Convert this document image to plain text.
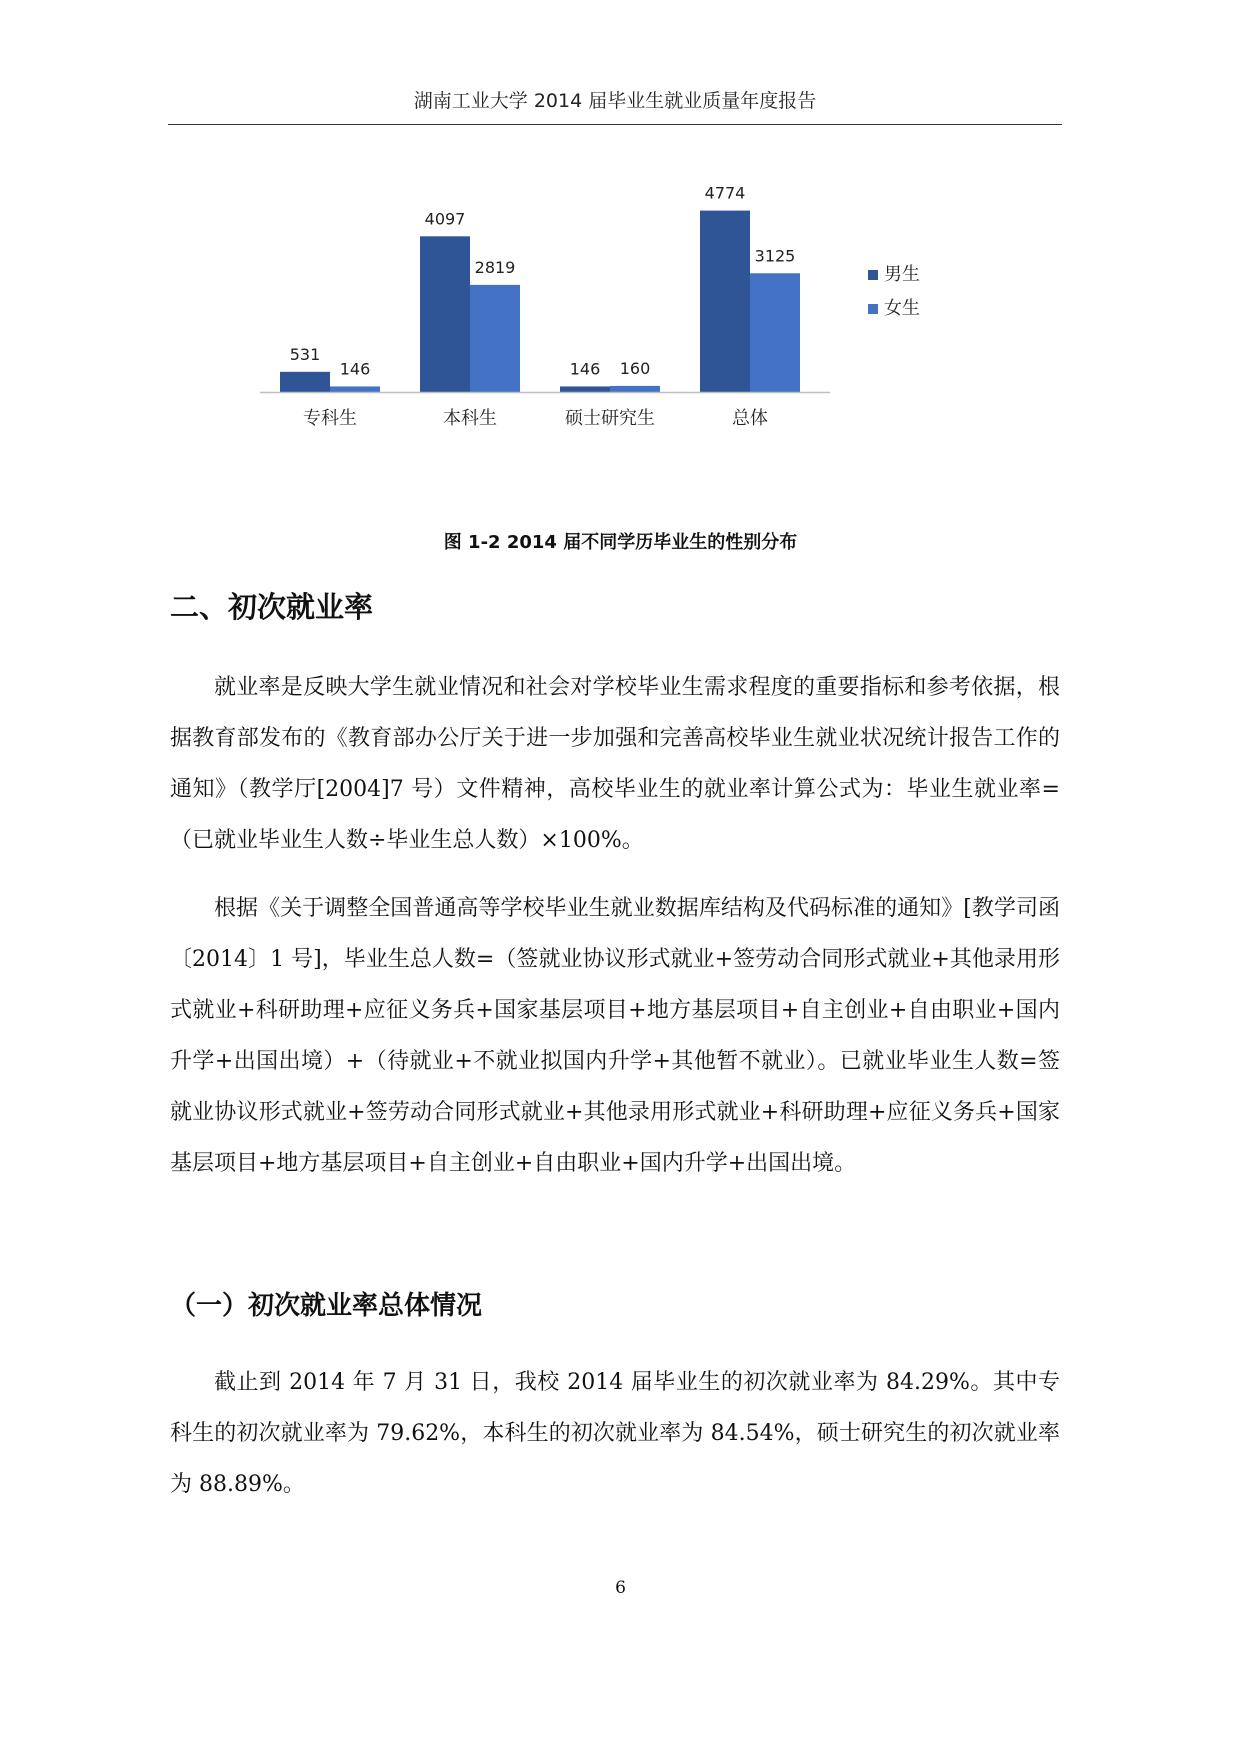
湖南工业大学 2014 届毕业生就业质量年度报告
531
146
专科生
4097
2819
本科生
146 160
硕士研究生
4774
3125
总体
男生
女生
图 1-2 2014 届不同学历毕业生的性别分布
二、初次就业率
就业率是反映大学生就业情况和社会对学校毕业生需求程度的重要指标和参考依据，根据教育部发布的《教育部办公厅关于进一步加强和完善高校毕业生就业状况统计报告工作的通知》（教学厅[2004]7 号）文件精神，高校毕业生的就业率计算公式为：毕业生就业率=（已就业毕业生人数÷毕业生总人数）×100%。
根据《关于调整全国普通高等学校毕业生就业数据库结构及代码标准的通知》[教学司函〔2014〕1 号]，毕业生总人数=（签就业协议形式就业+签劳动合同形式就业+其他录用形式就业+科研助理+应征义务兵+国家基层项目+地方基层项目+自主创业+自由职业+国内升学+出国出境）+（待就业+不就业拟国内升学+其他暂不就业）。已就业毕业生人数=签就业协议形式就业+签劳动合同形式就业+其他录用形式就业+科研助理+应征义务兵+国家基层项目+地方基层项目+自主创业+自由职业+国内升学+出国出境。
（一）初次就业率总体情况
截止到 2014 年 7 月 31 日，我校 2014 届毕业生的初次就业率为 84.29%。其中专科生的初次就业率为 79.62%，本科生的初次就业率为 84.54%，硕士研究生的初次就业率为 88.89%。
6
